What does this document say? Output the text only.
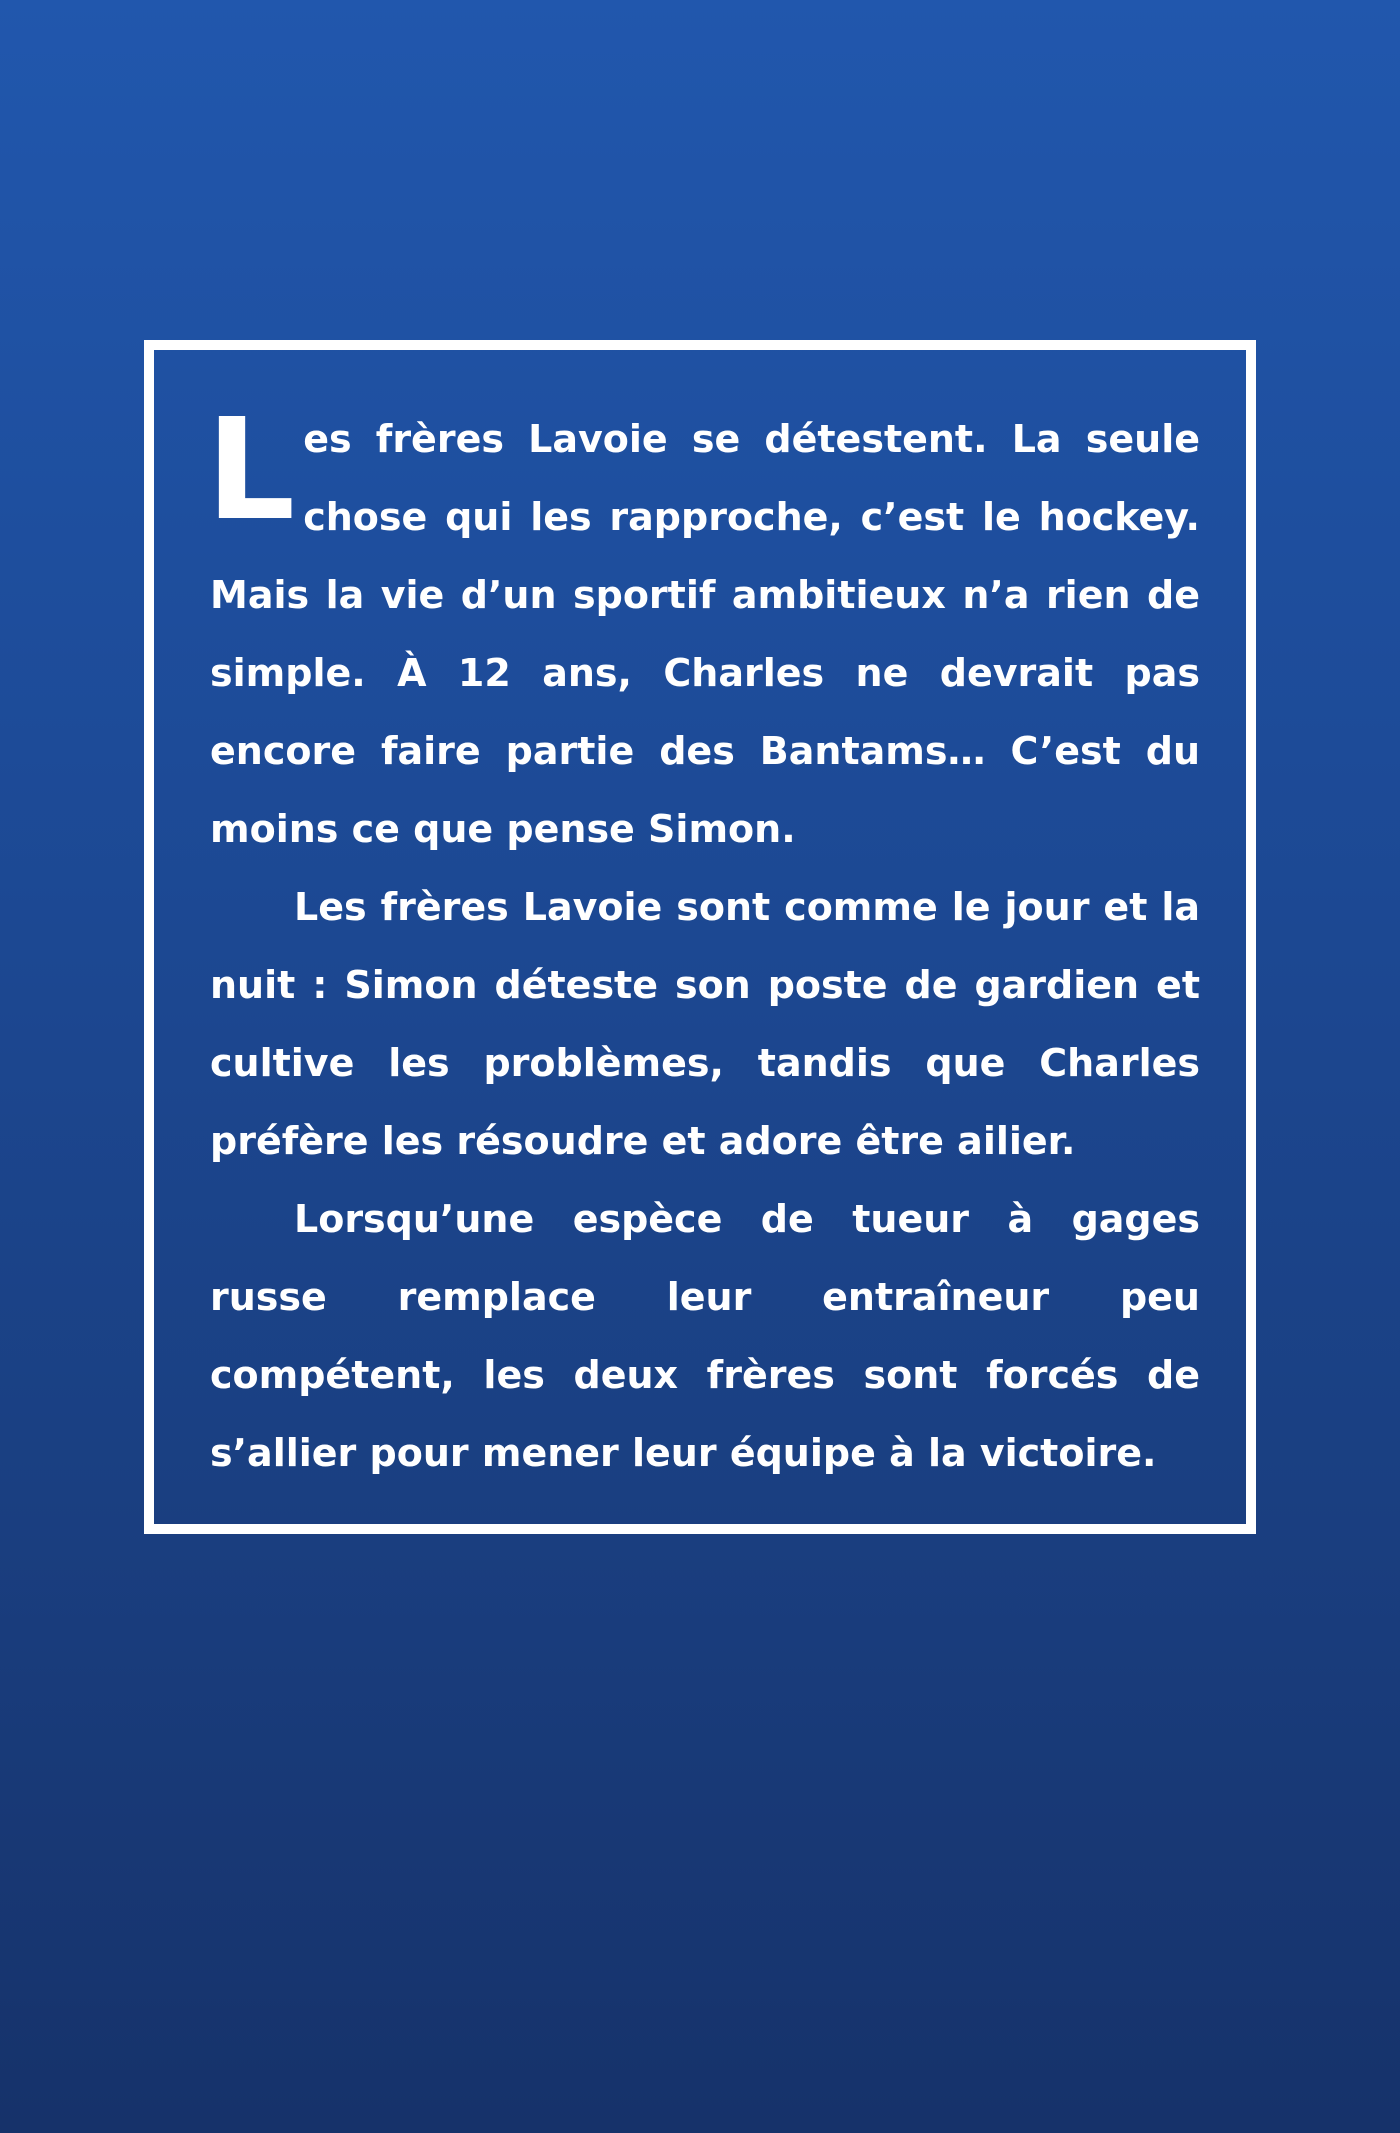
Les frères Lavoie se détestent. La seule chose qui les rapproche, c’est le hockey. Mais la vie d’un sportif ambitieux n’a rien de simple. À 12 ans, Charles ne devrait pas encore faire partie des Bantams… C’est du moins ce que pense Simon.

Les frères Lavoie sont comme le jour et la nuit : Simon déteste son poste de gardien et cultive les problèmes, tandis que Charles préfère les résoudre et adore être ailier.

Lorsqu’une espèce de tueur à gages russe remplace leur entraîneur peu compétent, les deux frères sont forcés de s’allier pour mener leur équipe à la victoire.
